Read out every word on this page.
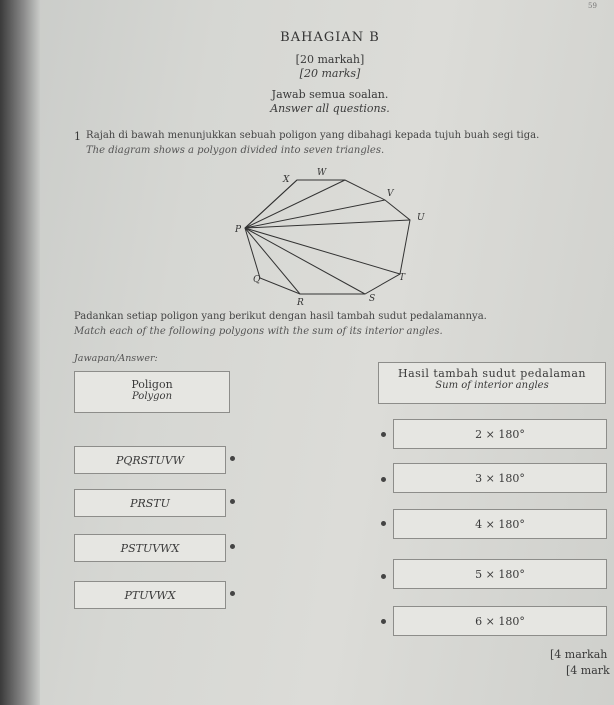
59
BAHAGIAN B
[20 markah]
[20 marks]
Jawab semua soalan.
Answer all questions.
1 Rajah di bawah menunjukkan sebuah poligon yang dibahagi kepada tujuh buah segi tiga.
The diagram shows a polygon divided into seven triangles.
X
W
V
U
P
Q	T
R	S
Padankan setiap poligon yang berikut dengan hasil tambah sudut pedalamannya.
Match each of the following polygons with the sum of its interior angles.
Jawapan/Answer:
Poligon
Polygon
Hasil tambah sudut pedalaman
Sum of interior angles
PQRSTUVW
PRSTU
PSTUVWX
PTUVWX
2 × 180°
3 × 180°
4 × 180°
5 × 180°
6 × 180°
[4 markah
[4 mark
